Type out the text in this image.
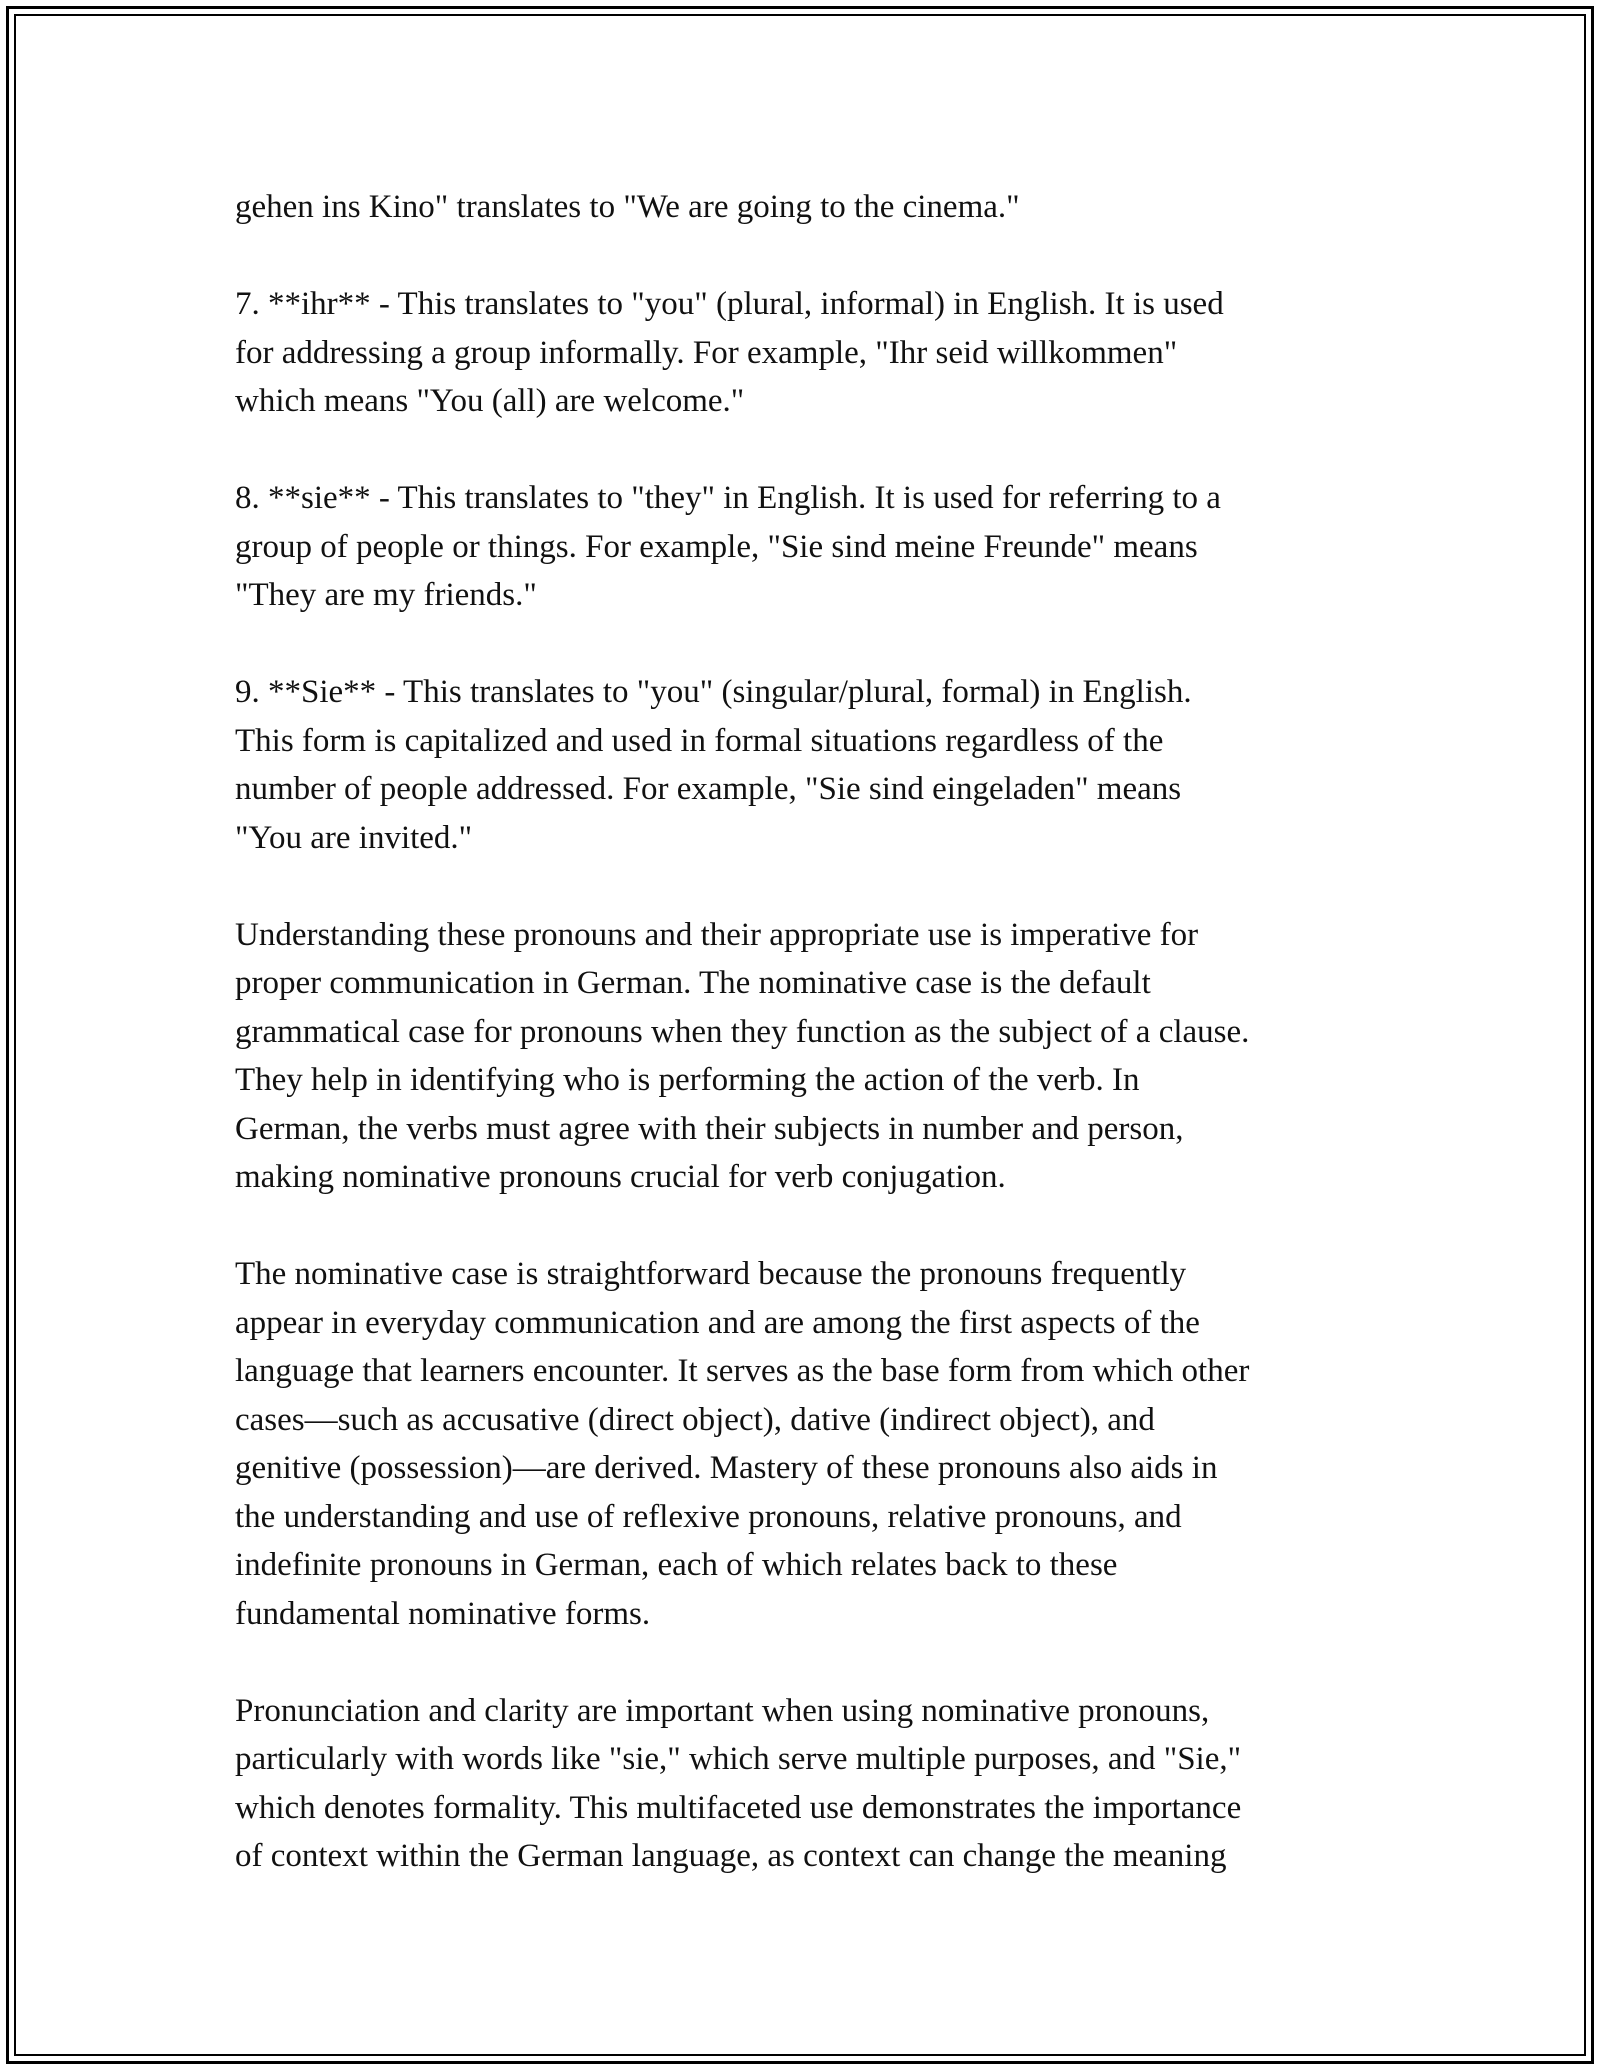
gehen ins Kino" translates to "We are going to the cinema."
7. **ihr** - This translates to "you" (plural, informal) in English. It is used
for addressing a group informally. For example, "Ihr seid willkommen"
which means "You (all) are welcome."
8. **sie** - This translates to "they" in English. It is used for referring to a
group of people or things. For example, "Sie sind meine Freunde" means
"They are my friends."
9. **Sie** - This translates to "you" (singular/plural, formal) in English.
This form is capitalized and used in formal situations regardless of the
number of people addressed. For example, "Sie sind eingeladen" means
"You are invited."
Understanding these pronouns and their appropriate use is imperative for
proper communication in German. The nominative case is the default
grammatical case for pronouns when they function as the subject of a clause.
They help in identifying who is performing the action of the verb. In
German, the verbs must agree with their subjects in number and person,
making nominative pronouns crucial for verb conjugation.
The nominative case is straightforward because the pronouns frequently
appear in everyday communication and are among the first aspects of the
language that learners encounter. It serves as the base form from which other
cases—such as accusative (direct object), dative (indirect object), and
genitive (possession)—are derived. Mastery of these pronouns also aids in
the understanding and use of reflexive pronouns, relative pronouns, and
indefinite pronouns in German, each of which relates back to these
fundamental nominative forms.
Pronunciation and clarity are important when using nominative pronouns,
particularly with words like "sie," which serve multiple purposes, and "Sie,"
which denotes formality. This multifaceted use demonstrates the importance
of context within the German language, as context can change the meaning
